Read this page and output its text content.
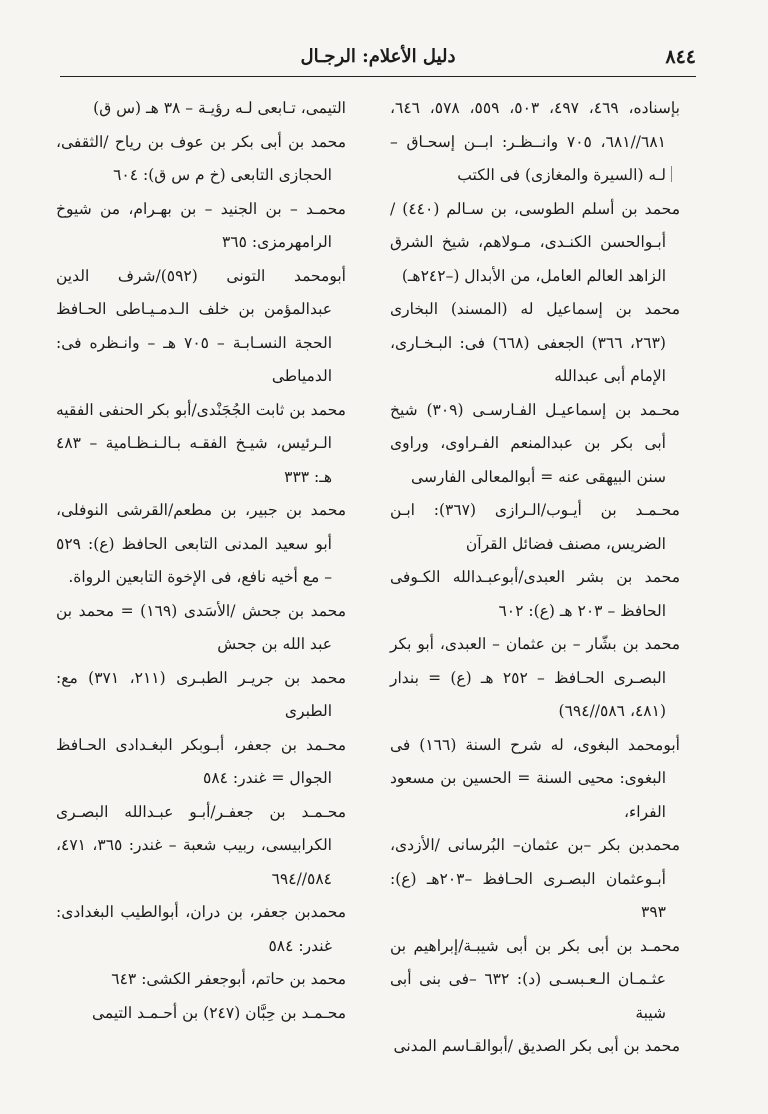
٨٤٤
دليل الأعلام: الرجـال
بإسناده، ٤٦٩، ٤٩٧، ٥٠٣، ٥٥٩، ٥٧٨، ٦٤٦، ٦٨١//٦٨١، ٧٠٥ وانــظـر: ابــن إسحـاق – لـه (السيرة والمغازى) فى الكتب
محمد بن أسلم الطوسى، بن سـالم (٤٤٠) /أبـوالحسن الكنـدى، مـولاهم، شيخ الشرق الزاهد العالم العامل، من الأبدال (–٢٤٢هـ)
محمد بن إسماعيل له (المسند) البخارى (٢٦٣، ٣٦٦) الجعفى (٦٦٨) فى: البـخـارى، الإمام أبى عبدالله
محـمد بن إسماعيـل الفـارسـى (٣٠٩) شيخ أبى بكر بن عبدالمنعم الفـراوى، وراوى سنن البيهقى عنه = أبوالمعالى الفارسى
محـمـد بن أيـوب/الـرازى (٣٦٧): ابـن الضريس، مصنف فضائل القرآن
محمد بن بشر العبدى/أبوعبـدالله الكـوفى الحافظ – ٢٠٣ هـ (ع): ٦٠٢
محمد بن بشّار – بن عثمان – العبدى، أبو بكر البصـرى الحـافظ – ٢٥٢ هـ (ع) = بندار (٤٨١، ٥٨٦//٦٩٤)
أبومحمد البغوى، له شرح السنة (١٦٦) فى البغوى: محيى السنة = الحسين بن مسعود الفراء،
محمدبن بكر –بن عثمان– البُرسانى /الأزدى، أبـوعثمان البصـرى الحـافظ –٢٠٣هـ (ع): ٣٩٣
محمـد بن أبى بكر بن أبى شيبـة/إبراهيم بن عثـمـان الـعـبسـى (د): ٦٣٢ –فى بنى أبى شيبة
محمد بن أبى بكر الصديق /أبوالقـاسم المدنى
التيمى، تـابعى لـه رؤيـة – ٣٨ هـ (س ق)
محمد بن أبى بكر بن عوف بن رياح /الثقفى، الحجازى التابعى (خ م س ق): ٦٠٤
محمـد – بن الجنيد – بن بهـرام، من شيوخ الرامهرمزى: ٣٦٥
أبومحمد التونى (٥٩٢)/شرف الدين عبدالمؤمن بن خلف الـدمـيـاطى الحـافظ الحجة النسـابـة – ٧٠٥ هـ – وانـظره فى: الدمياطى
محمد بن ثابت الجُجَنْدى/أبو بكر الحنفى الفقيه الـرئيس، شيـخ الفقـه بـالـنـظـامية – ٤٨٣ هـ: ٣٣٣
محمد بن جبير، بن مطعم/القرشى النوفلى، أبو سعيد المدنى التابعى الحافظ (ع): ٥٢٩ – مع أخيه نافع، فى الإخوة التابعين الرواة.
محمد بن جحش /الأسَدى (١٦٩) = محمد بن عبد الله بن جحش
محمد بن جريـر الطبـرى (٢١١، ٣٧١) مع: الطبرى
محـمد بن جعفر، أبـوبكر البغـدادى الحـافظ الجوال = غندر: ٥٨٤
محـمـد بن جعفـر/أبـو عبـدالله البصـرى الكرابيسى، ربيب شعبة – غندر: ٣٦٥، ٤٧١، ٥٨٤//٦٩٤
محمدبن جعفر، بن دران، أبوالطيب البغدادى: غندر: ٥٨٤
محمد بن حاتم، أبوجعفر الكشى: ٦٤٣
محـمـد بن حِبَّان (٢٤٧) بن أحـمـد التيمى
